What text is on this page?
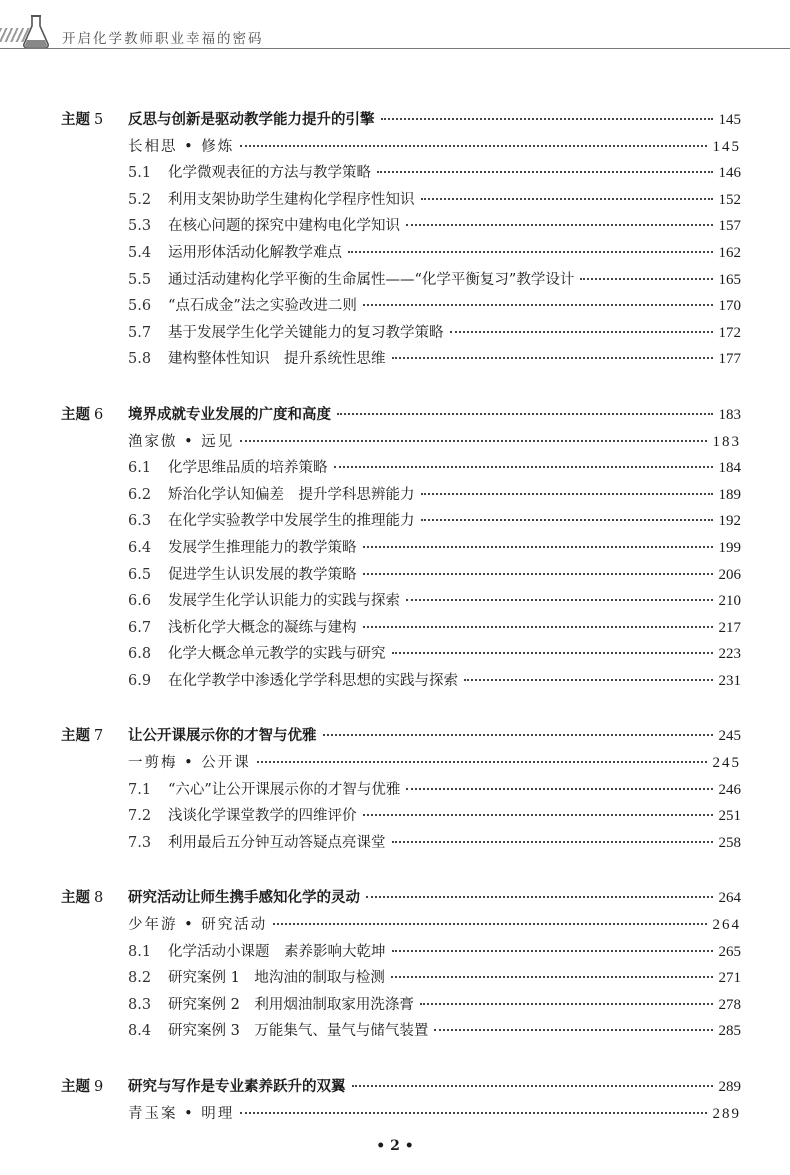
开启化学教师职业幸福的密码
主题 5 反思与创新是驱动教学能力提升的引擎	145
长相思 • 修炼	145
5.1 化学微观表征的方法与教学策略	146
5.2 利用支架协助学生建构化学程序性知识	152
5.3 在核心问题的探究中建构电化学知识	157
5.4 运用形体活动化解教学难点	162
5.5 通过活动建构化学平衡的生命属性——“化学平衡复习”教学设计	165
5.6 “点石成金”法之实验改进二则	170
5.7 基于发展学生化学关键能力的复习教学策略	172
5.8 建构整体性知识　提升系统性思维	177
主题 6 境界成就专业发展的广度和高度	183
渔家傲 • 远见	183
6.1 化学思维品质的培养策略	184
6.2 矫治化学认知偏差　提升学科思辨能力	189
6.3 在化学实验教学中发展学生的推理能力	192
6.4 发展学生推理能力的教学策略	199
6.5 促进学生认识发展的教学策略	206
6.6 发展学生化学认识能力的实践与探索	210
6.7 浅析化学大概念的凝练与建构	217
6.8 化学大概念单元教学的实践与研究	223
6.9 在化学教学中渗透化学学科思想的实践与探索	231
主题 7 让公开课展示你的才智与优雅	245
一剪梅 • 公开课	245
7.1 “六心”让公开课展示你的才智与优雅	246
7.2 浅谈化学课堂教学的四维评价	251
7.3 利用最后五分钟互动答疑点亮课堂	258
主题 8 研究活动让师生携手感知化学的灵动	264
少年游 • 研究活动	264
8.1 化学活动小课题　素养影响大乾坤	265
8.2 研究案例 1　地沟油的制取与检测	271
8.3 研究案例 2　利用烟油制取家用洗涤膏	278
8.4 研究案例 3　万能集气、量气与储气装置	285
主题 9 研究与写作是专业素养跃升的双翼	289
青玉案 • 明理	289
• 2 •
